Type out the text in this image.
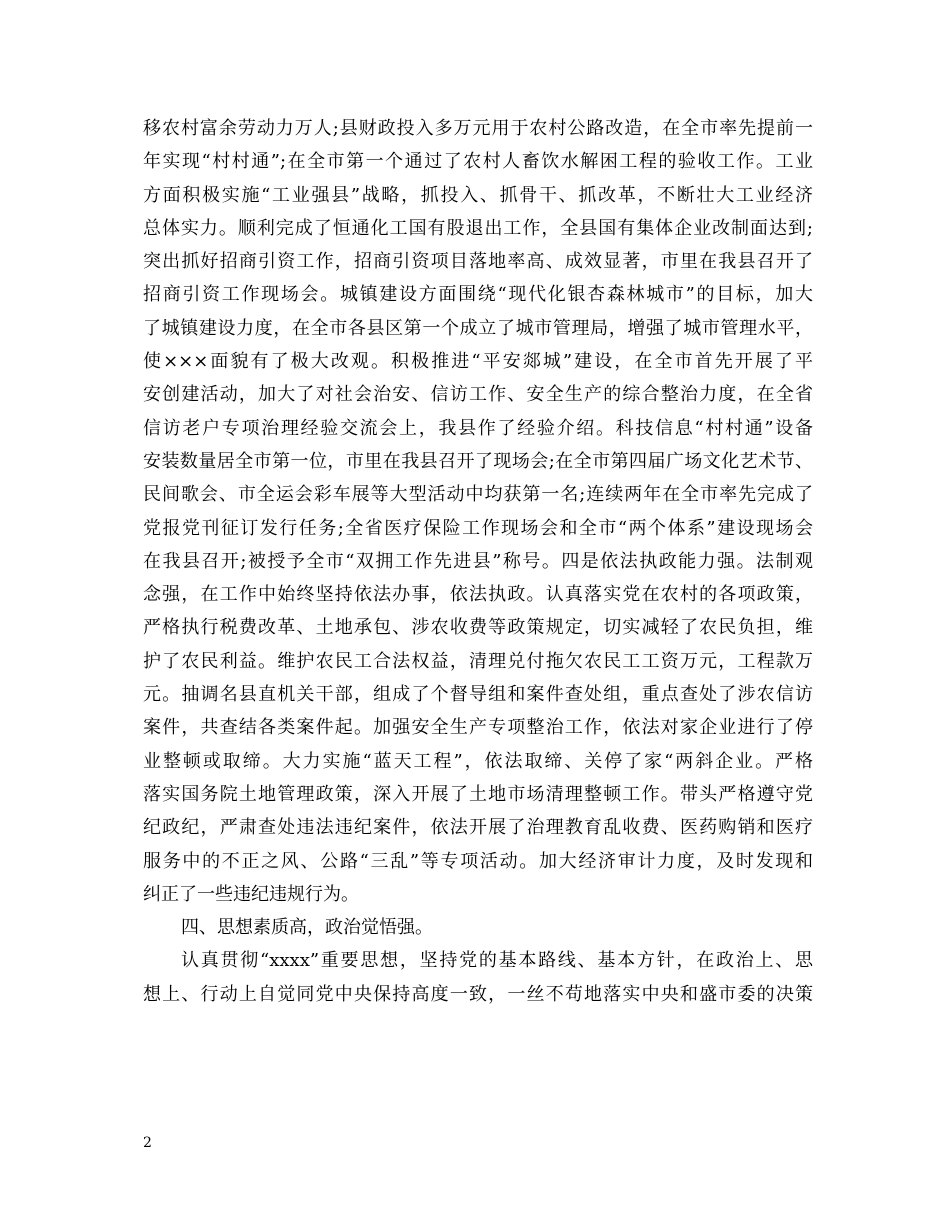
移农村富余劳动力万人;县财政投入多万元用于农村公路改造，在全市率先提前一
年实现“村村通”;在全市第一个通过了农村人畜饮水解困工程的验收工作。工业
方面积极实施“工业强县”战略，抓投入、抓骨干、抓改革，不断壮大工业经济
总体实力。顺利完成了恒通化工国有股退出工作，全县国有集体企业改制面达到;
突出抓好招商引资工作，招商引资项目落地率高、成效显著，市里在我县召开了
招商引资工作现场会。城镇建设方面围绕“现代化银杏森林城市”的目标，加大
了城镇建设力度，在全市各县区第一个成立了城市管理局，增强了城市管理水平，
使×××面貌有了极大改观。积极推进“平安郯城”建设，在全市首先开展了平
安创建活动，加大了对社会治安、信访工作、安全生产的综合整治力度，在全省
信访老户专项治理经验交流会上，我县作了经验介绍。科技信息“村村通”设备
安装数量居全市第一位，市里在我县召开了现场会;在全市第四届广场文化艺术节、
民间歌会、市全运会彩车展等大型活动中均获第一名;连续两年在全市率先完成了
党报党刊征订发行任务;全省医疗保险工作现场会和全市“两个体系”建设现场会
在我县召开;被授予全市“双拥工作先进县”称号。四是依法执政能力强。法制观
念强，在工作中始终坚持依法办事，依法执政。认真落实党在农村的各项政策，
严格执行税费改革、土地承包、涉农收费等政策规定，切实减轻了农民负担，维
护了农民利益。维护农民工合法权益，清理兑付拖欠农民工工资万元，工程款万
元。抽调名县直机关干部，组成了个督导组和案件查处组，重点查处了涉农信访
案件，共查结各类案件起。加强安全生产专项整治工作，依法对家企业进行了停
业整顿或取缔。大力实施“蓝天工程”，依法取缔、关停了家“两斜企业。严格
落实国务院土地管理政策，深入开展了土地市场清理整顿工作。带头严格遵守党
纪政纪，严肃查处违法违纪案件，依法开展了治理教育乱收费、医药购销和医疗
服务中的不正之风、公路“三乱”等专项活动。加大经济审计力度，及时发现和
纠正了一些违纪违规行为。
四、思想素质高，政治觉悟强。
认真贯彻“xxxx”重要思想，坚持党的基本路线、基本方针，在政治上、思
想上、行动上自觉同党中央保持高度一致，一丝不苟地落实中央和盛市委的决策
2
